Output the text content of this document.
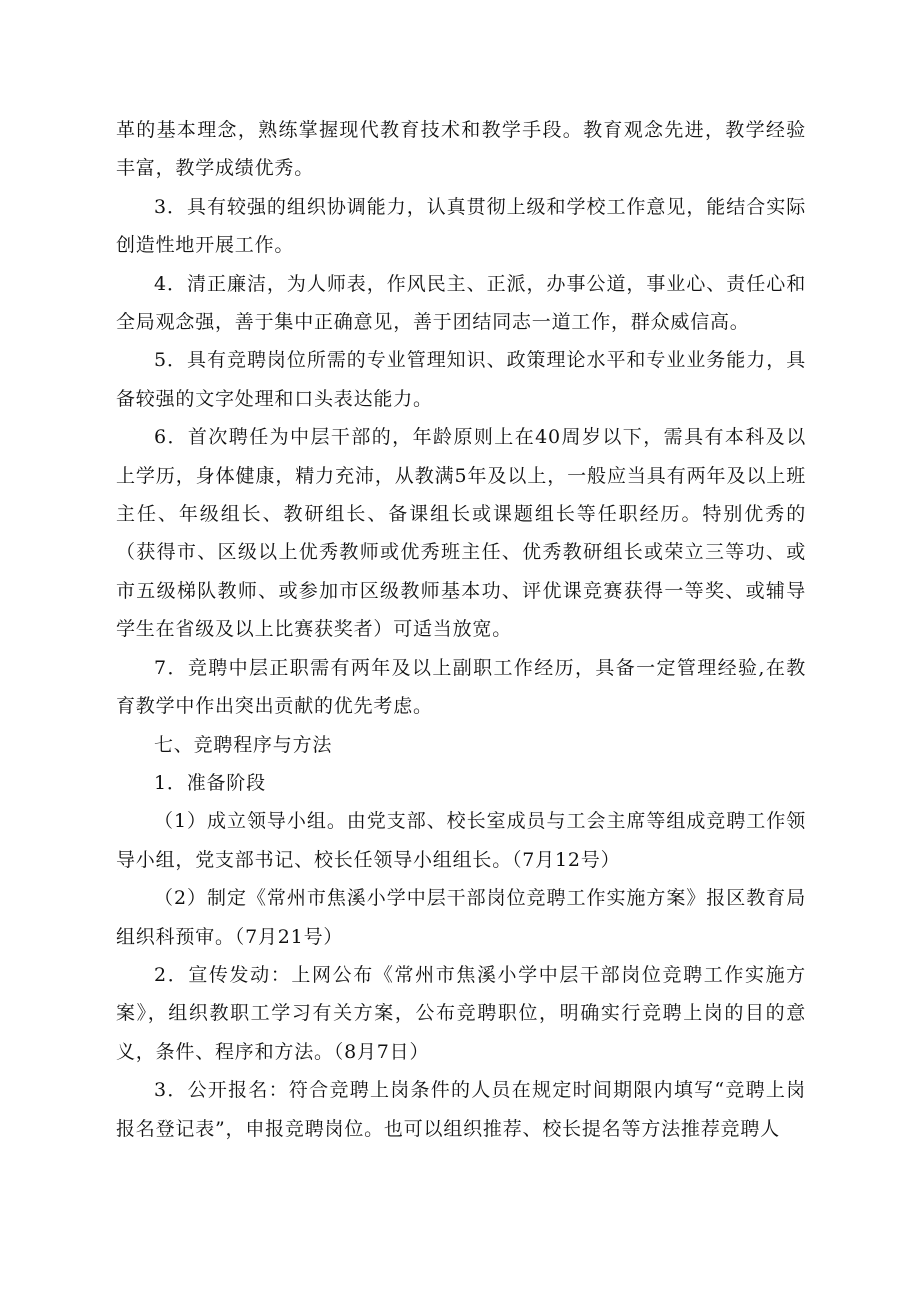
革的基本理念，熟练掌握现代教育技术和教学手段。教育观念先进，教学经验丰富，教学成绩优秀。

3．具有较强的组织协调能力，认真贯彻上级和学校工作意见，能结合实际创造性地开展工作。

4．清正廉洁，为人师表，作风民主、正派，办事公道，事业心、责任心和全局观念强，善于集中正确意见，善于团结同志一道工作，群众威信高。

5．具有竞聘岗位所需的专业管理知识、政策理论水平和专业业务能力，具备较强的文字处理和口头表达能力。

6．首次聘任为中层干部的，年龄原则上在40周岁以下，需具有本科及以上学历，身体健康，精力充沛，从教满5年及以上，一般应当具有两年及以上班主任、年级组长、教研组长、备课组长或课题组长等任职经历。特别优秀的（获得市、区级以上优秀教师或优秀班主任、优秀教研组长或荣立三等功、或市五级梯队教师、或参加市区级教师基本功、评优课竞赛获得一等奖、或辅导学生在省级及以上比赛获奖者）可适当放宽。

7．竞聘中层正职需有两年及以上副职工作经历，具备一定管理经验,在教育教学中作出突出贡献的优先考虑。

七、竞聘程序与方法

1．准备阶段

（1）成立领导小组。由党支部、校长室成员与工会主席等组成竞聘工作领导小组，党支部书记、校长任领导小组组长。（7月12号）

（2）制定《常州市焦溪小学中层干部岗位竞聘工作实施方案》报区教育局组织科预审。（7月21号）

2．宣传发动：上网公布《常州市焦溪小学中层干部岗位竞聘工作实施方案》，组织教职工学习有关方案，公布竞聘职位，明确实行竞聘上岗的目的意义，条件、程序和方法。（8月7日）

3．公开报名：符合竞聘上岗条件的人员在规定时间期限内填写“竞聘上岗报名登记表”，申报竞聘岗位。也可以组织推荐、校长提名等方法推荐竞聘人
